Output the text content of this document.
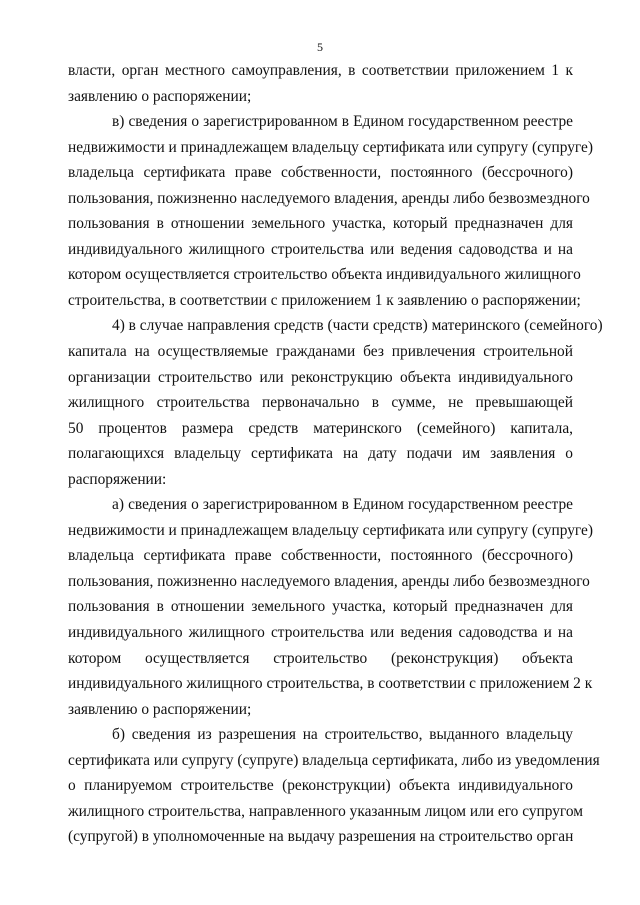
5
власти, орган местного самоуправления, в соответствии приложением 1 к
заявлению о распоряжении;
в) сведения о зарегистрированном в Едином государственном реестре
недвижимости и принадлежащем владельцу сертификата или супругу (супруге)
владельца сертификата праве собственности, постоянного (бессрочного)
пользования, пожизненно наследуемого владения, аренды либо безвозмездного
пользования в отношении земельного участка, который предназначен для
индивидуального жилищного строительства или ведения садоводства и на
котором осуществляется строительство объекта индивидуального жилищного
строительства, в соответствии с приложением 1 к заявлению о распоряжении;
4) в случае направления средств (части средств) материнского (семейного)
капитала на осуществляемые гражданами без привлечения строительной
организации строительство или реконструкцию объекта индивидуального
жилищного строительства первоначально в сумме, не превышающей
50 процентов размера средств материнского (семейного) капитала,
полагающихся владельцу сертификата на дату подачи им заявления о
распоряжении:
а) сведения о зарегистрированном в Едином государственном реестре
недвижимости и принадлежащем владельцу сертификата или супругу (супруге)
владельца сертификата праве собственности, постоянного (бессрочного)
пользования, пожизненно наследуемого владения, аренды либо безвозмездного
пользования в отношении земельного участка, который предназначен для
индивидуального жилищного строительства или ведения садоводства и на
котором осуществляется строительство (реконструкция) объекта
индивидуального жилищного строительства, в соответствии с приложением 2 к
заявлению о распоряжении;
б) сведения из разрешения на строительство, выданного владельцу
сертификата или супругу (супруге) владельца сертификата, либо из уведомления
о планируемом строительстве (реконструкции) объекта индивидуального
жилищного строительства, направленного указанным лицом или его супругом
(супругой) в уполномоченные на выдачу разрешения на строительство орган
